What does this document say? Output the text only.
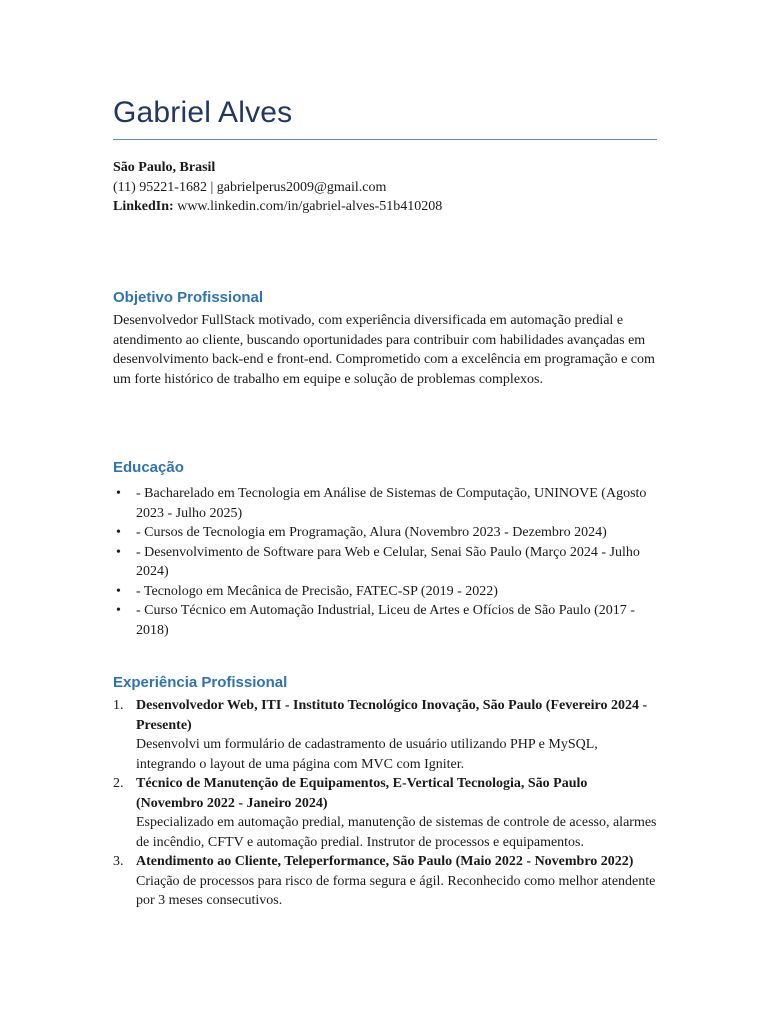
Gabriel Alves
São Paulo, Brasil
(11) 95221-1682 | gabrielperus2009@gmail.com
LinkedIn: www.linkedin.com/in/gabriel-alves-51b410208
Objetivo Profissional
Desenvolvedor FullStack motivado, com experiência diversificada em automação predial e atendimento ao cliente, buscando oportunidades para contribuir com habilidades avançadas em desenvolvimento back-end e front-end. Comprometido com a excelência em programação e com um forte histórico de trabalho em equipe e solução de problemas complexos.
Educação
• - Bacharelado em Tecnologia em Análise de Sistemas de Computação, UNINOVE (Agosto 2023 - Julho 2025)
• - Cursos de Tecnologia em Programação, Alura (Novembro 2023 - Dezembro 2024)
• - Desenvolvimento de Software para Web e Celular, Senai São Paulo (Março 2024 - Julho 2024)
• - Tecnologo em Mecânica de Precisão, FATEC-SP (2019 - 2022)
• - Curso Técnico em Automação Industrial, Liceu de Artes e Ofícios de São Paulo (2017 - 2018)
Experiência Profissional
1. Desenvolvedor Web, ITI - Instituto Tecnológico Inovação, São Paulo (Fevereiro 2024 - Presente)
Desenvolvi um formulário de cadastramento de usuário utilizando PHP e MySQL, integrando o layout de uma página com MVC com Igniter.
2. Técnico de Manutenção de Equipamentos, E-Vertical Tecnologia, São Paulo (Novembro 2022 - Janeiro 2024)
Especializado em automação predial, manutenção de sistemas de controle de acesso, alarmes de incêndio, CFTV e automação predial. Instrutor de processos e equipamentos.
3. Atendimento ao Cliente, Teleperformance, São Paulo (Maio 2022 - Novembro 2022)
Criação de processos para risco de forma segura e ágil. Reconhecido como melhor atendente por 3 meses consecutivos.
